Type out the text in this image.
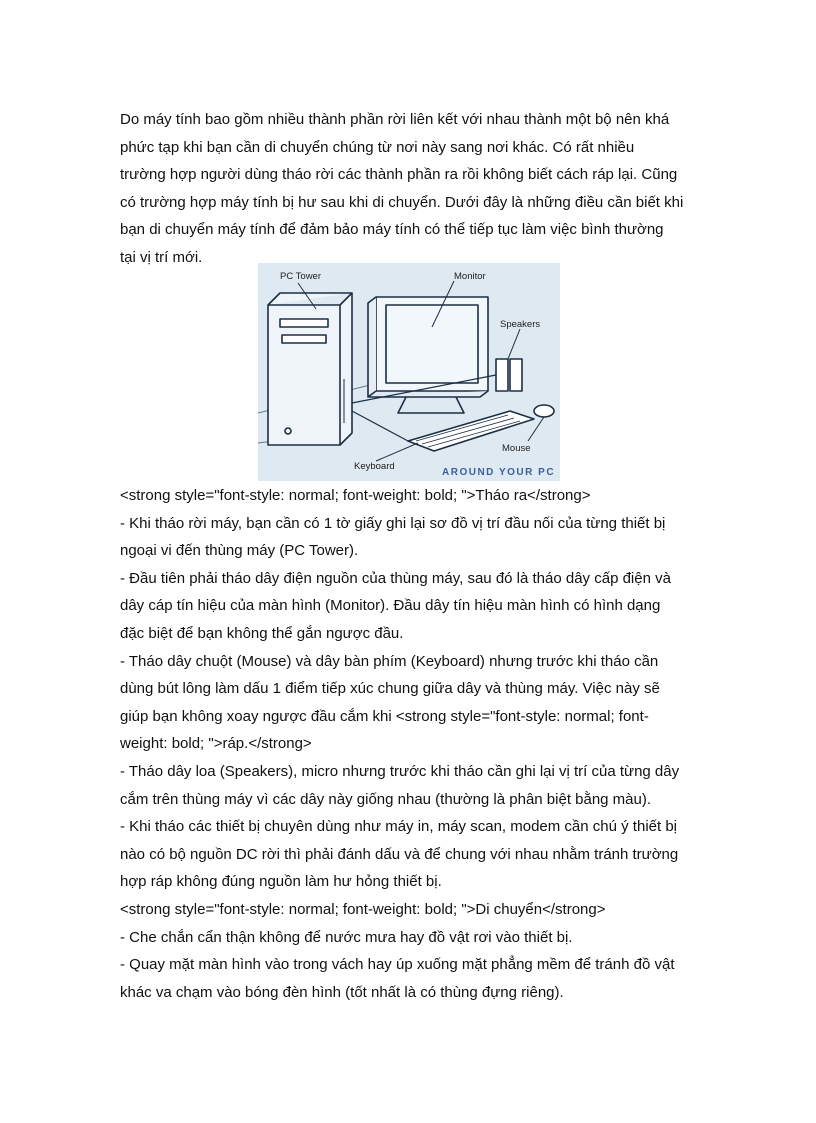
Do máy tính bao gồm nhiều thành phần rời liên kết với nhau thành một bộ nên khá
phức tạp khi bạn cần di chuyển chúng từ nơi này sang nơi khác. Có rất nhiều
trường hợp người dùng tháo rời các thành phần ra rồi không biết cách ráp lại. Cũng
có trường hợp máy tính bị hư sau khi di chuyển. Dưới đây là những điều cần biết khi
bạn di chuyển máy tính để đảm bảo máy tính có thể tiếp tục làm việc bình thường
tại vị trí mới.
PC Tower	Monitor
Speakers
Mouse
Keyboard
AROUND YOUR PC
<strong style="font-style: normal; font-weight: bold; ">Tháo ra</strong>
- Khi tháo rời máy, bạn cần có 1 tờ giấy ghi lại sơ đồ vị trí đầu nối của từng thiết bị
ngoại vi đến thùng máy (PC Tower).
- Đầu tiên phải tháo dây điện nguồn của thùng máy, sau đó là tháo dây cấp điện và
dây cáp tín hiệu của màn hình (Monitor). Đầu dây tín hiệu màn hình có hình dạng
đặc biệt để bạn không thể gắn ngược đầu.
- Tháo dây chuột (Mouse) và dây bàn phím (Keyboard) nhưng trước khi tháo cần
dùng bút lông làm dấu 1 điểm tiếp xúc chung giữa dây và thùng máy. Việc này sẽ
giúp bạn không xoay ngược đầu cắm khi <strong style="font-style: normal; font-
weight: bold; ">ráp.</strong>
- Tháo dây loa (Speakers), micro nhưng trước khi tháo cần ghi lại vị trí của từng dây
cắm trên thùng máy vì các dây này giống nhau (thường là phân biệt bằng màu).
- Khi tháo các thiết bị chuyên dùng như máy in, máy scan, modem cần chú ý thiết bị
nào có bộ nguồn DC rời thì phải đánh dấu và để chung với nhau nhằm tránh trường
hợp ráp không đúng nguồn làm hư hỏng thiết bị.
<strong style="font-style: normal; font-weight: bold; ">Di chuyển</strong>
- Che chắn cẩn thận không để nước mưa hay đồ vật rơi vào thiết bị.
- Quay mặt màn hình vào trong vách hay úp xuống mặt phẳng mềm để tránh đồ vật
khác va chạm vào bóng đèn hình (tốt nhất là có thùng đựng riêng).
